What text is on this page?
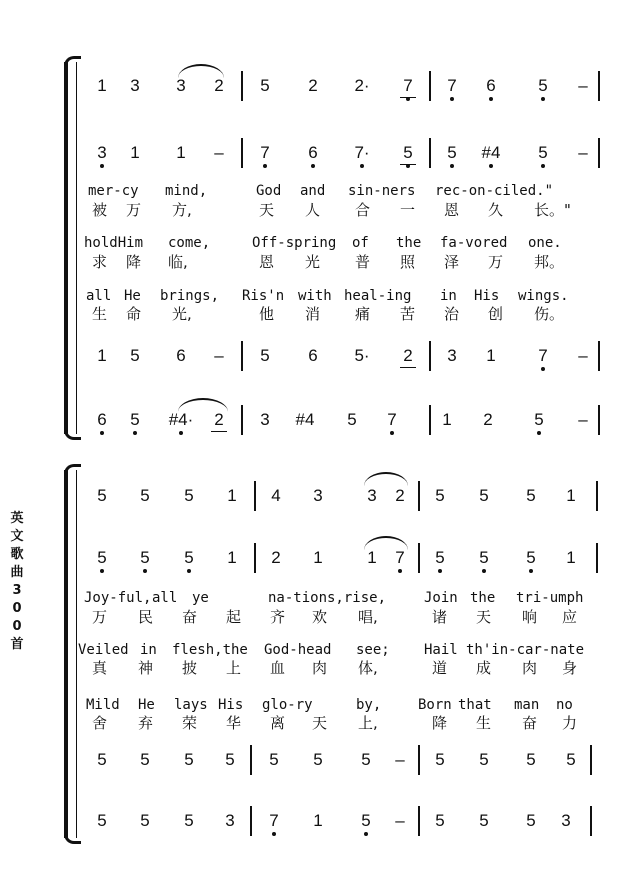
英文歌曲300首
1	3	3	2	5	2	2·	7	7	6	5	–
3	1	1	–	7	6	7·	5	5	#4	5	–
mer-cy mind,	God and sin-ners rec-on-ciled."
被 万 方,	天 人 合 一 恩 久 长。"
holdHim come,	Off-spring of the fa-vored one.
求 降 临,	恩 光 普 照 泽 万 邦。
all He brings, Ris'n with heal-ing in His wings.
生 命 光,	他 消 痛 苦 治 创 伤。
1	5	6	–	5	6	5·	2	3	1	7	–
6	5	#4·	2	3	#4	5	7	1	2	5	–
5	5	5	1	4	3	3	2	5	5	5	1
5	5	5	1	2	1	1	7	5	5	5	1
Joy-ful, all ye	na-tions,rise,	Join the tri-umph
万 民 奋 起 齐 欢 唱,	诸 天 响 应
Veiled in flesh,the God-head see; Hail th'in-car-nate
真 神 披 上 血 肉 体,	道 成 肉 身
Mild He lays His glo-ry	by,	Born that man no
舍 弃 荣 华 离 天 上,	降 生 奋 力
5	5	5	5	5	5	5	–	5	5	5	5
5	5	5	3	7	1	5	–	5	5	5	3
